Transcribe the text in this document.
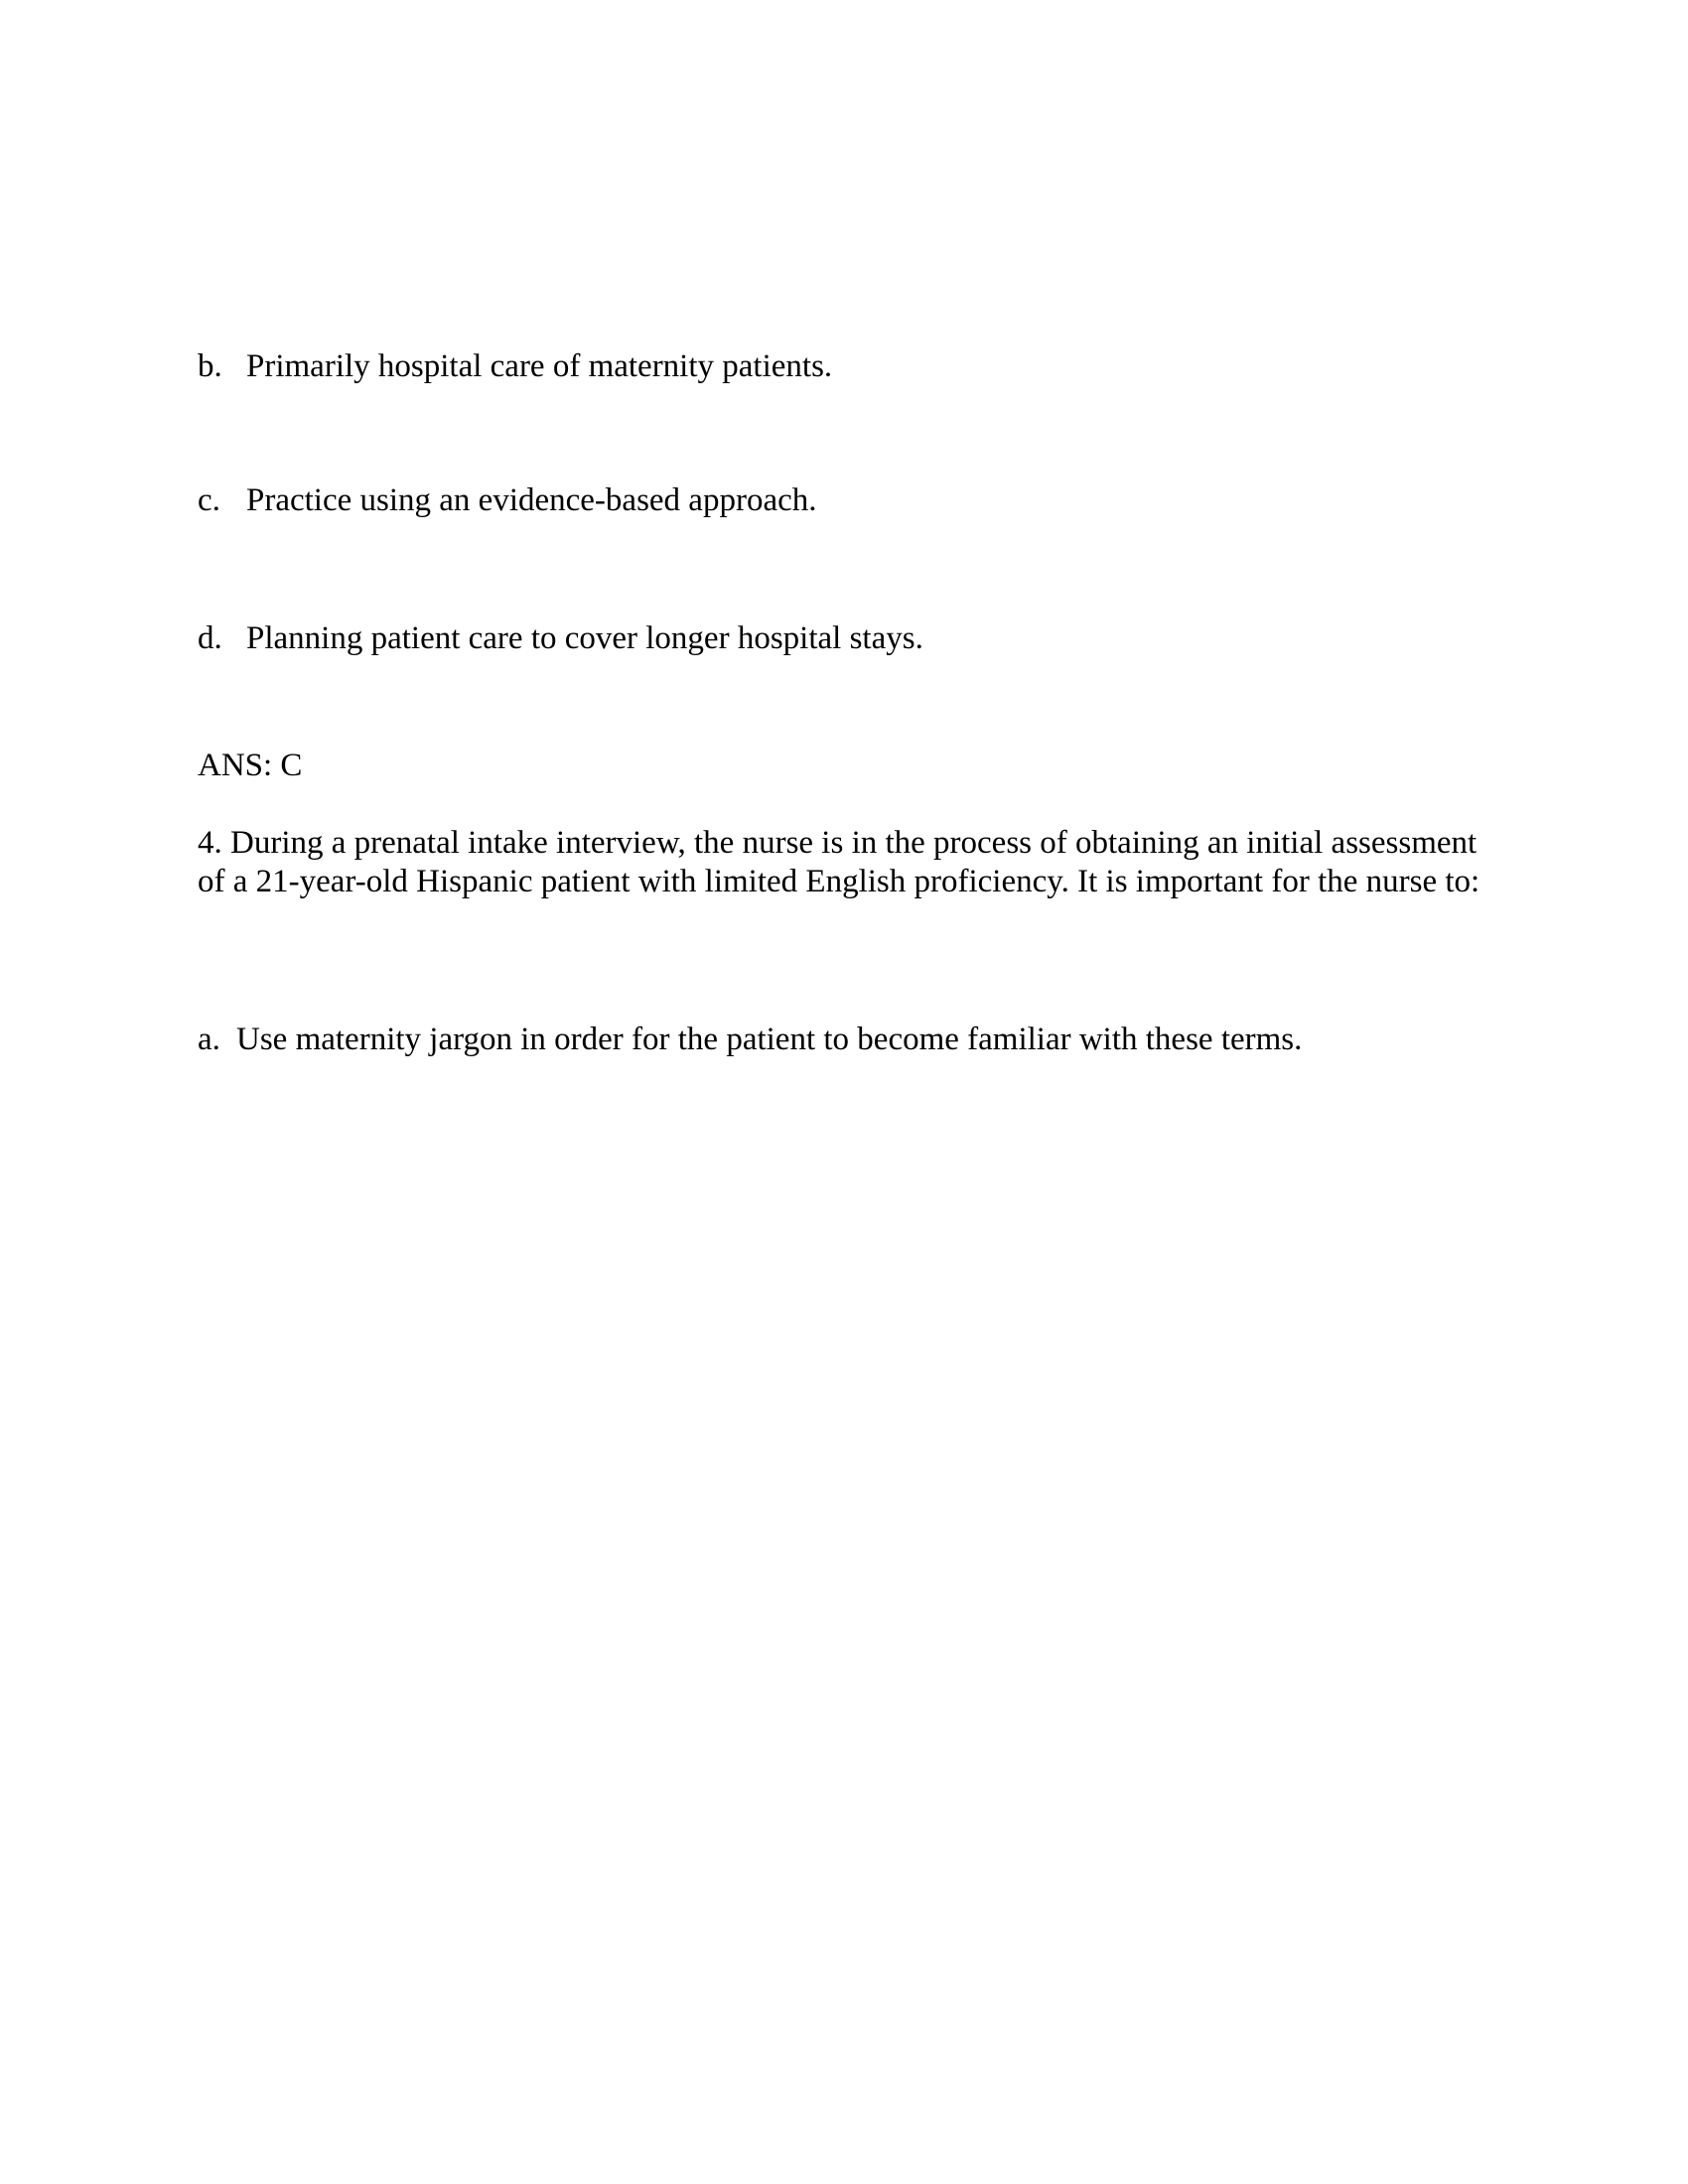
b. Primarily hospital care of maternity patients.
c. Practice using an evidence-based approach.
d. Planning patient care to cover longer hospital stays.
ANS: C
4. During a prenatal intake interview, the nurse is in the process of obtaining an initial assessment of a 21-year-old Hispanic patient with limited English proficiency. It is important for the nurse to:
a. Use maternity jargon in order for the patient to become familiar with these terms.
